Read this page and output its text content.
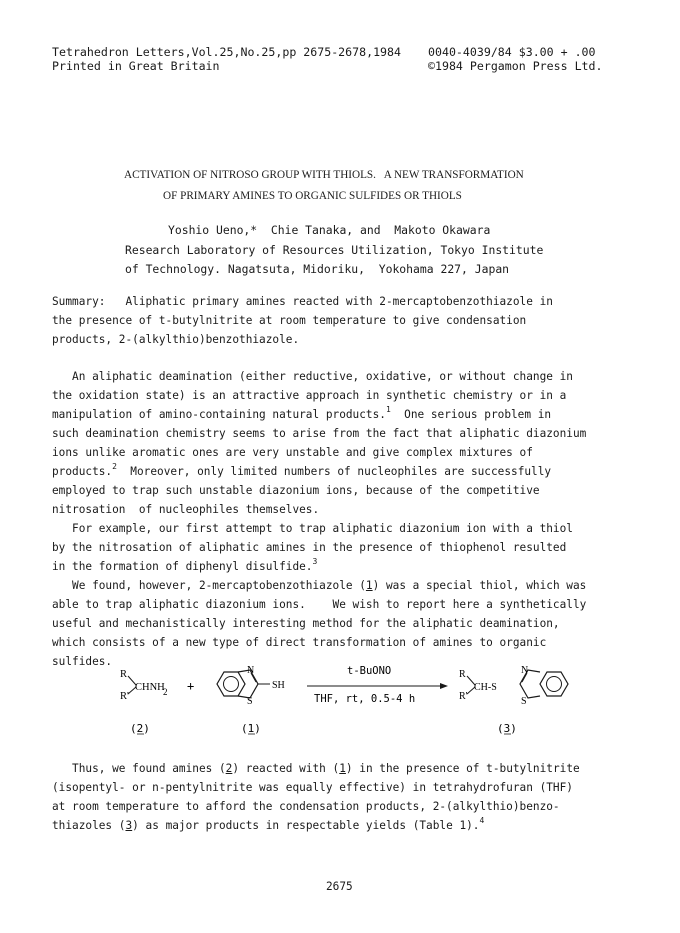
Tetrahedron Letters,Vol.25,No.25,pp 2675-2678,1984
Printed in Great Britain
0040-4039/84 $3.00 + .00
©1984 Pergamon Press Ltd.
ACTIVATION OF NITROSO GROUP WITH THIOLS.   A NEW TRANSFORMATION
OF PRIMARY AMINES TO ORGANIC SULFIDES OR THIOLS
Yoshio Ueno,*  Chie Tanaka, and  Makoto Okawara
Research Laboratory of Resources Utilization, Tokyo Institute
of Technology. Nagatsuta, Midoriku,  Yokohama 227, Japan
Summary:   Aliphatic primary amines reacted with 2-mercaptobenzothiazole in
the presence of t-butylnitrite at room temperature to give condensation
products, 2-(alkylthio)benzothiazole.
An aliphatic deamination (either reductive, oxidative, or without change in
the oxidation state) is an attractive approach in synthetic chemistry or in a
manipulation of amino-containing natural products.$^1$  One serious problem in
such deamination chemistry seems to arise from the fact that aliphatic diazonium
ions unlike aromatic ones are very unstable and give complex mixtures of
products.$^2$  Moreover, only limited numbers of nucleophiles are successfully
employed to trap such unstable diazonium ions, because of the competitive
nitrosation  of nucleophiles themselves.
For example, our first attempt to trap aliphatic diazonium ion with a thiol
by the nitrosation of aliphatic amines in the presence of thiophenol resulted
in the formation of diphenyl disulfide.$^3$
We found, however, 2-mercaptobenzothiazole (1) was a special thiol, which was
able to trap aliphatic diazonium ions.    We wish to report here a synthetically
useful and mechanistically interesting method for the aliphatic deamination,
which consists of a new type of direct transformation of amines to organic
sulfides.
R
R'
CHNH
2 +
N
S
SH
t-BuONO
THF, rt, 0.5-4 h
R
R'
CH-S
N
S
(2)	(1)	(3)
Thus, we found amines (2) reacted with (1) in the presence of t-butylnitrite
(isopentyl- or n-pentylnitrite was equally effective) in tetrahydrofuran (THF)
at room temperature to afford the condensation products, 2-(alkylthio)benzo-
thiazoles (3) as major products in respectable yields (Table 1).$^4$
2675
